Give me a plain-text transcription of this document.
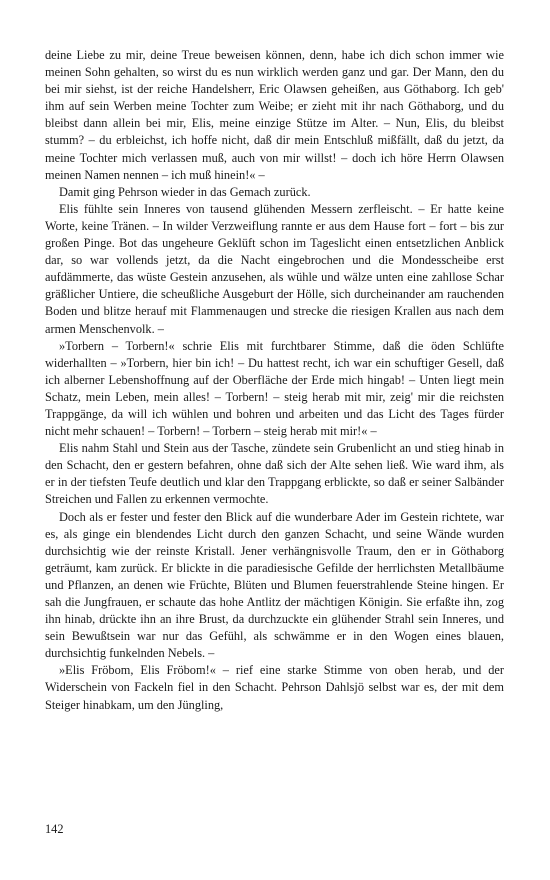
deine Liebe zu mir, deine Treue beweisen können, denn, habe ich dich schon immer wie meinen Sohn gehalten, so wirst du es nun wirklich werden ganz und gar. Der Mann, den du bei mir siehst, ist der reiche Handelsherr, Eric Olawsen geheißen, aus Göthaborg. Ich geb' ihm auf sein Werben meine Tochter zum Weibe; er zieht mit ihr nach Göthaborg, und du bleibst dann allein bei mir, Elis, meine einzige Stütze im Alter. – Nun, Elis, du bleibst stumm? – du erbleichst, ich hoffe nicht, daß dir mein Entschluß mißfällt, daß du jetzt, da meine Tochter mich verlassen muß, auch von mir willst! – doch ich höre Herrn Olawsen meinen Namen nennen – ich muß hinein!« –

Damit ging Pehrson wieder in das Gemach zurück.

Elis fühlte sein Inneres von tausend glühenden Messern zerfleischt. – Er hatte keine Worte, keine Tränen. – In wilder Verzweiflung rannte er aus dem Hause fort – fort – bis zur großen Pinge. Bot das ungeheure Geklüft schon im Tageslicht einen entsetzlichen Anblick dar, so war vollends jetzt, da die Nacht eingebrochen und die Mondesscheibe erst aufdämmerte, das wüste Gestein anzusehen, als wühle und wälze unten eine zahllose Schar gräßlicher Untiere, die scheußliche Ausgeburt der Hölle, sich durcheinander am rauchenden Boden und blitze herauf mit Flammenaugen und strecke die riesigen Krallen aus nach dem armen Menschenvolk. –

»Torbern – Torbern!« schrie Elis mit furchtbarer Stimme, daß die öden Schlüfte widerhallten – »Torbern, hier bin ich! – Du hattest recht, ich war ein schuftiger Gesell, daß ich alberner Lebenshoffnung auf der Oberfläche der Erde mich hingab! – Unten liegt mein Schatz, mein Leben, mein alles! – Torbern! – steig herab mit mir, zeig' mir die reichsten Trappgänge, da will ich wühlen und bohren und arbeiten und das Licht des Tages fürder nicht mehr schauen! – Torbern! – Torbern – steig herab mit mir!« –

Elis nahm Stahl und Stein aus der Tasche, zündete sein Grubenlicht an und stieg hinab in den Schacht, den er gestern befahren, ohne daß sich der Alte sehen ließ. Wie ward ihm, als er in der tiefsten Teufe deutlich und klar den Trappgang erblickte, so daß er seiner Salbänder Streichen und Fallen zu erkennen vermochte.

Doch als er fester und fester den Blick auf die wunderbare Ader im Gestein richtete, war es, als ginge ein blendendes Licht durch den ganzen Schacht, und seine Wände wurden durchsichtig wie der reinste Kristall. Jener verhängnisvolle Traum, den er in Göthaborg geträumt, kam zurück. Er blickte in die paradiesische Gefilde der herrlichsten Metallbäume und Pflanzen, an denen wie Früchte, Blüten und Blumen feuerstrahlende Steine hingen. Er sah die Jungfrauen, er schaute das hohe Antlitz der mächtigen Königin. Sie erfaßte ihn, zog ihn hinab, drückte ihn an ihre Brust, da durchzuckte ein glühender Strahl sein Inneres, und sein Bewußtsein war nur das Gefühl, als schwämme er in den Wogen eines blauen, durchsichtig funkelnden Nebels. –

»Elis Fröbom, Elis Fröbom!« – rief eine starke Stimme von oben herab, und der Widerschein von Fackeln fiel in den Schacht. Pehrson Dahlsjö selbst war es, der mit dem Steiger hinabkam, um den Jüngling,

142
